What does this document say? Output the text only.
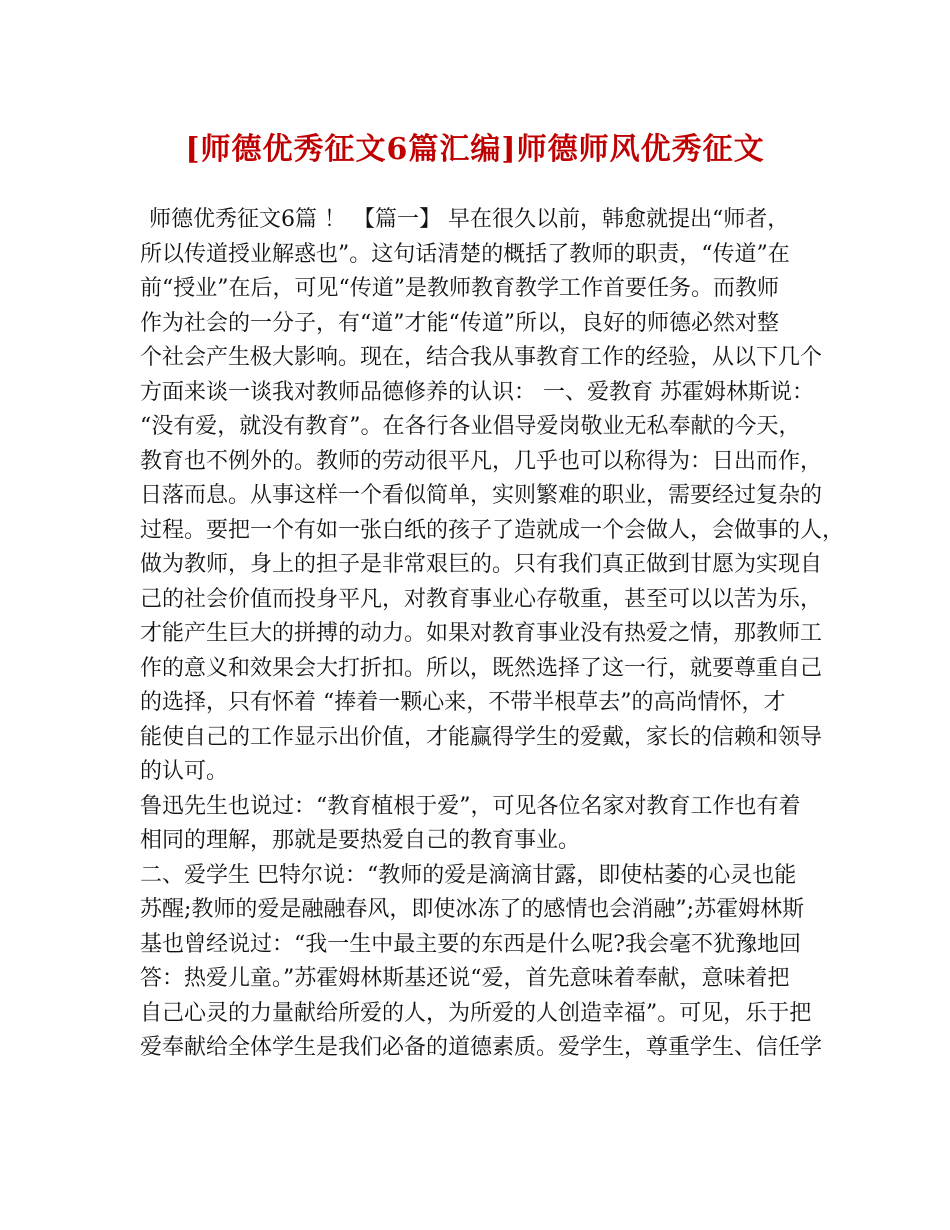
[师德优秀征文6篇汇编]师德师风优秀征文
师德优秀征文6篇 ！ 【篇一】 早在很久以前，韩愈就提出“师者，
所以传道授业解惑也”。这句话清楚的概括了教师的职责，“传道”在
前“授业”在后，可见“传道”是教师教育教学工作首要任务。而教师
作为社会的一分子，有“道”才能“传道”所以，良好的师德必然对整
个社会产生极大影响。现在，结合我从事教育工作的经验，从以下几个
方面来谈一谈我对教师品德修养的认识： 一、爱教育 苏霍姆林斯说：
“没有爱，就没有教育”。在各行各业倡导爱岗敬业无私奉献的今天，
教育也不例外的。教师的劳动很平凡，几乎也可以称得为：日出而作，
日落而息。从事这样一个看似简单，实则繁难的职业，需要经过复杂的
过程。要把一个有如一张白纸的孩子了造就成一个会做人，会做事的人，
做为教师，身上的担子是非常艰巨的。只有我们真正做到甘愿为实现自
己的社会价值而投身平凡，对教育事业心存敬重，甚至可以以苦为乐，
才能产生巨大的拼搏的动力。如果对教育事业没有热爱之情，那教师工
作的意义和效果会大打折扣。所以，既然选择了这一行，就要尊重自己
的选择，只有怀着 “捧着一颗心来，不带半根草去”的高尚情怀，才
能使自己的工作显示出价值，才能赢得学生的爱戴，家长的信赖和领导
的认可。
鲁迅先生也说过：“教育植根于爱”，可见各位名家对教育工作也有着
相同的理解，那就是要热爱自己的教育事业。
二、爱学生 巴特尔说：“教师的爱是滴滴甘露，即使枯萎的心灵也能
苏醒;教师的爱是融融春风，即使冰冻了的感情也会消融”;苏霍姆林斯
基也曾经说过：“我一生中最主要的东西是什么呢?我会毫不犹豫地回
答：热爱儿童。”苏霍姆林斯基还说“爱，首先意味着奉献，意味着把
自己心灵的力量献给所爱的人，为所爱的人创造幸福”。可见，乐于把
爱奉献给全体学生是我们必备的道德素质。爱学生，尊重学生、信任学
